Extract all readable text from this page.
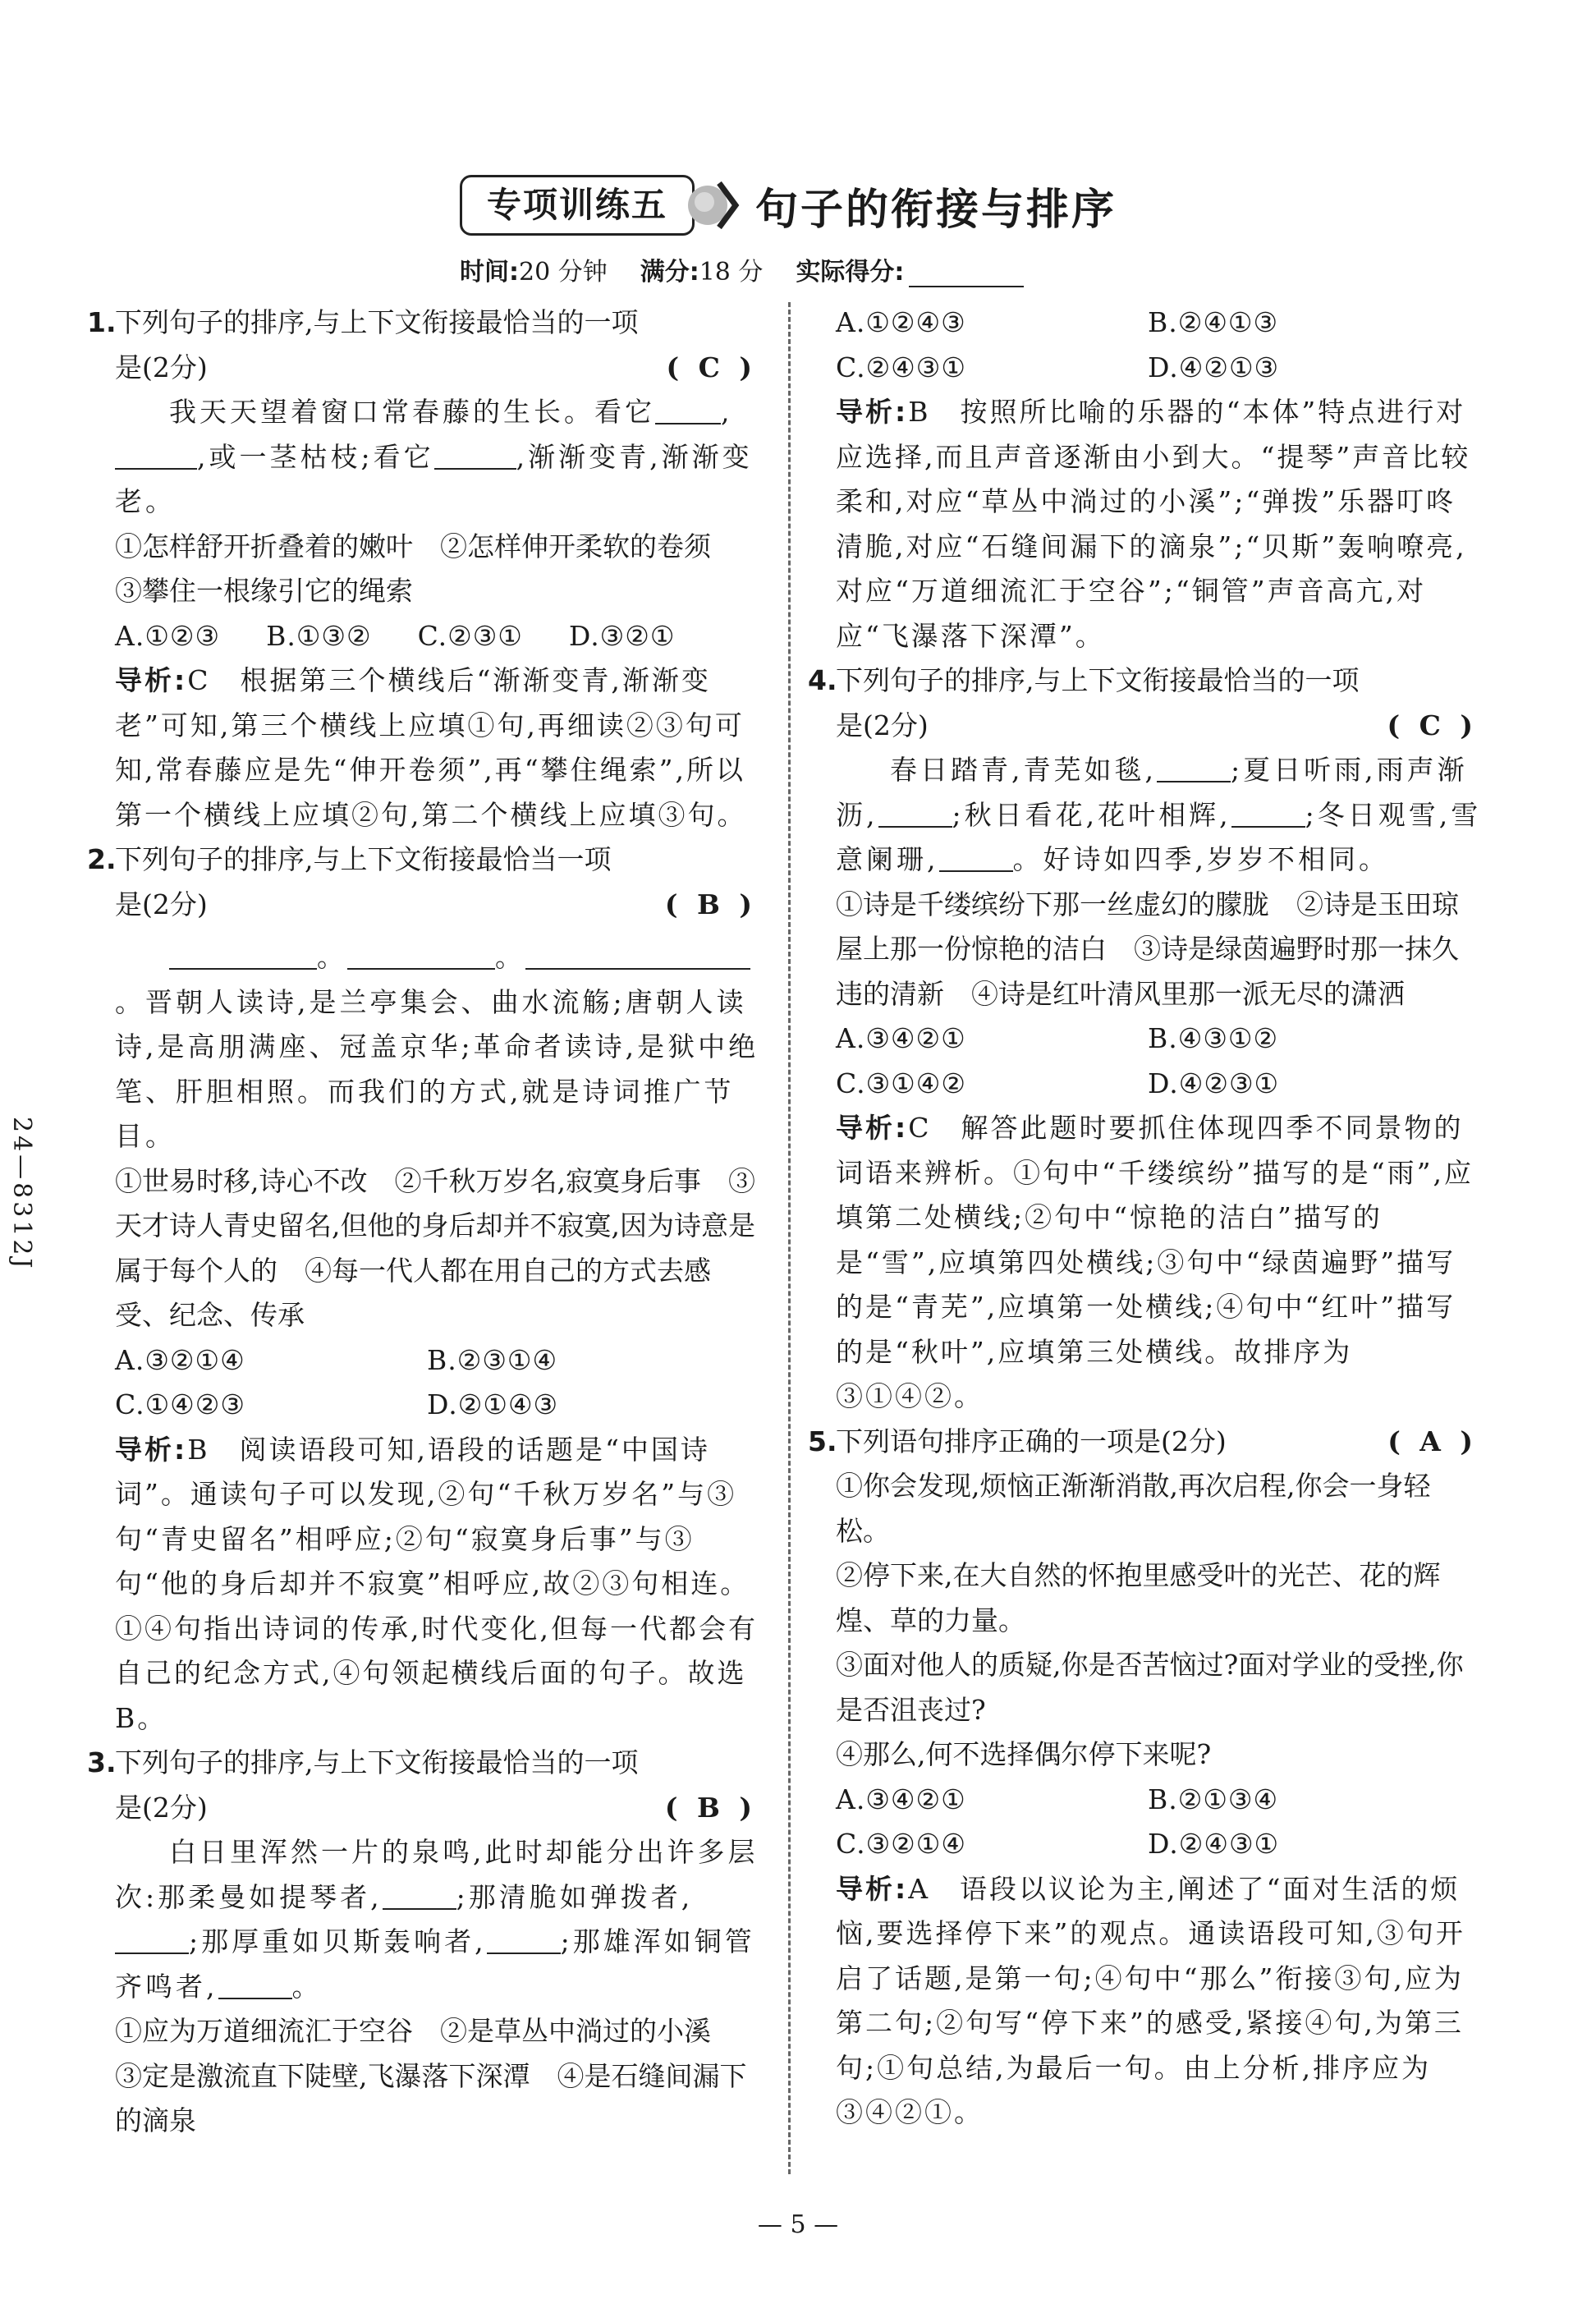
专项训练五	句子的衔接与排序
时间: 20 分钟 满分: 18 分 实际得分:
24—8312J
1.
下列句子的排序,与上下文衔接最恰当的一项
是(2分)	( C )
我天天望着窗口常春藤的生长。看它 ,,或一茎枯枝;看它	,渐渐变青,渐渐变老。
①怎样舒开折叠着的嫩叶　②怎样伸开柔软的卷须　③攀住一根缘引它的绳索
A.①②③ B.①③② C.②③① D.③②①
导析:C　根据第三个横线后“渐渐变青,渐渐变老”可知,第三个横线上应填①句,再细读②③句可知,常春藤应是先“伸开卷须”,再“攀住绳索”,所以第一个横线上应填②句,第二个横线上应填③句。
2.
下列句子的排序,与上下文衔接最恰当一项
是(2分)	( B )
。	。。晋朝人读诗,是兰亭集会、曲水流觞;唐朝人读诗,是高朋满座、冠盖京华;革命者读诗,是狱中绝笔、肝胆相照。而我们的方式,就是诗词推广节目。
①世易时移,诗心不改　②千秋万岁名,寂寞身后事　③天才诗人青史留名,但他的身后却并不寂寞,因为诗意是属于每个人的　④每一代人都在用自己的方式去感受、纪念、传承
A.③②①④	B.②③①④
C.①④②③	D.②①④③
导析:B　阅读语段可知,语段的话题是“中国诗词”。通读句子可以发现,②句“千秋万岁名”与③句“青史留名”相呼应;②句“寂寞身后事”与③句“他的身后却并不寂寞”相呼应,故②③句相连。①④句指出诗词的传承,时代变化,但每一代都会有自己的纪念方式,④句领起横线后面的句子。故选B。
3.
下列句子的排序,与上下文衔接最恰当的一项
是(2分)	( B )
白日里浑然一片的泉鸣,此时却能分出许多层次:那柔曼如提琴者,	;那清脆如弹拨者,;那厚重如贝斯轰响者,	;那雄浑如铜管齐鸣者,	。
①应为万道细流汇于空谷　②是草丛中淌过的小溪　③定是激流直下陡壁,飞瀑落下深潭　④是石缝间漏下的滴泉
A.①②④③	B.②④①③
C.②④③①	D.④②①③
导析:B　按照所比喻的乐器的“本体”特点进行对应选择,而且声音逐渐由小到大。“提琴”声音比较柔和,对应“草丛中淌过的小溪”;“弹拨”乐器叮咚清脆,对应“石缝间漏下的滴泉”;“贝斯”轰响嘹亮,对应“万道细流汇于空谷”;“铜管”声音高亢,对应“飞瀑落下深潭”。
4.
下列句子的排序,与上下文衔接最恰当的一项
是(2分)	( C )
春日踏青,青芜如毯,	;夏日听雨,雨声渐沥,	;秋日看花,花叶相辉,	;冬日观雪,雪意阑珊,	。好诗如四季,岁岁不相同。
①诗是千缕缤纷下那一丝虚幻的朦胧　②诗是玉田琼屋上那一份惊艳的洁白　③诗是绿茵遍野时那一抹久违的清新　④诗是红叶清风里那一派无尽的潇洒
A.③④②①	B.④③①②
C.③①④②	D.④②③①
导析:C　解答此题时要抓住体现四季不同景物的词语来辨析。①句中“千缕缤纷”描写的是“雨”,应填第二处横线;②句中“惊艳的洁白”描写的是“雪”,应填第四处横线;③句中“绿茵遍野”描写的是“青芜”,应填第一处横线;④句中“红叶”描写的是“秋叶”,应填第三处横线。故排序为③①④②。
5.
下列语句排序正确的一项是(2分)	( A )
①你会发现,烦恼正渐渐消散,再次启程,你会一身轻松。
②停下来,在大自然的怀抱里感受叶的光芒、花的辉煌、草的力量。
③面对他人的质疑,你是否苦恼过?面对学业的受挫,你是否沮丧过?
④那么,何不选择偶尔停下来呢?
A.③④②①	B.②①③④
C.③②①④	D.②④③①
导析:A　语段以议论为主,阐述了“面对生活的烦恼,要选择停下来”的观点。通读语段可知,③句开启了话题,是第一句;④句中“那么”衔接③句,应为第二句;②句写“停下来”的感受,紧接④句,为第三句;①句总结,为最后一句。由上分析,排序应为③④②①。
— 5 —
